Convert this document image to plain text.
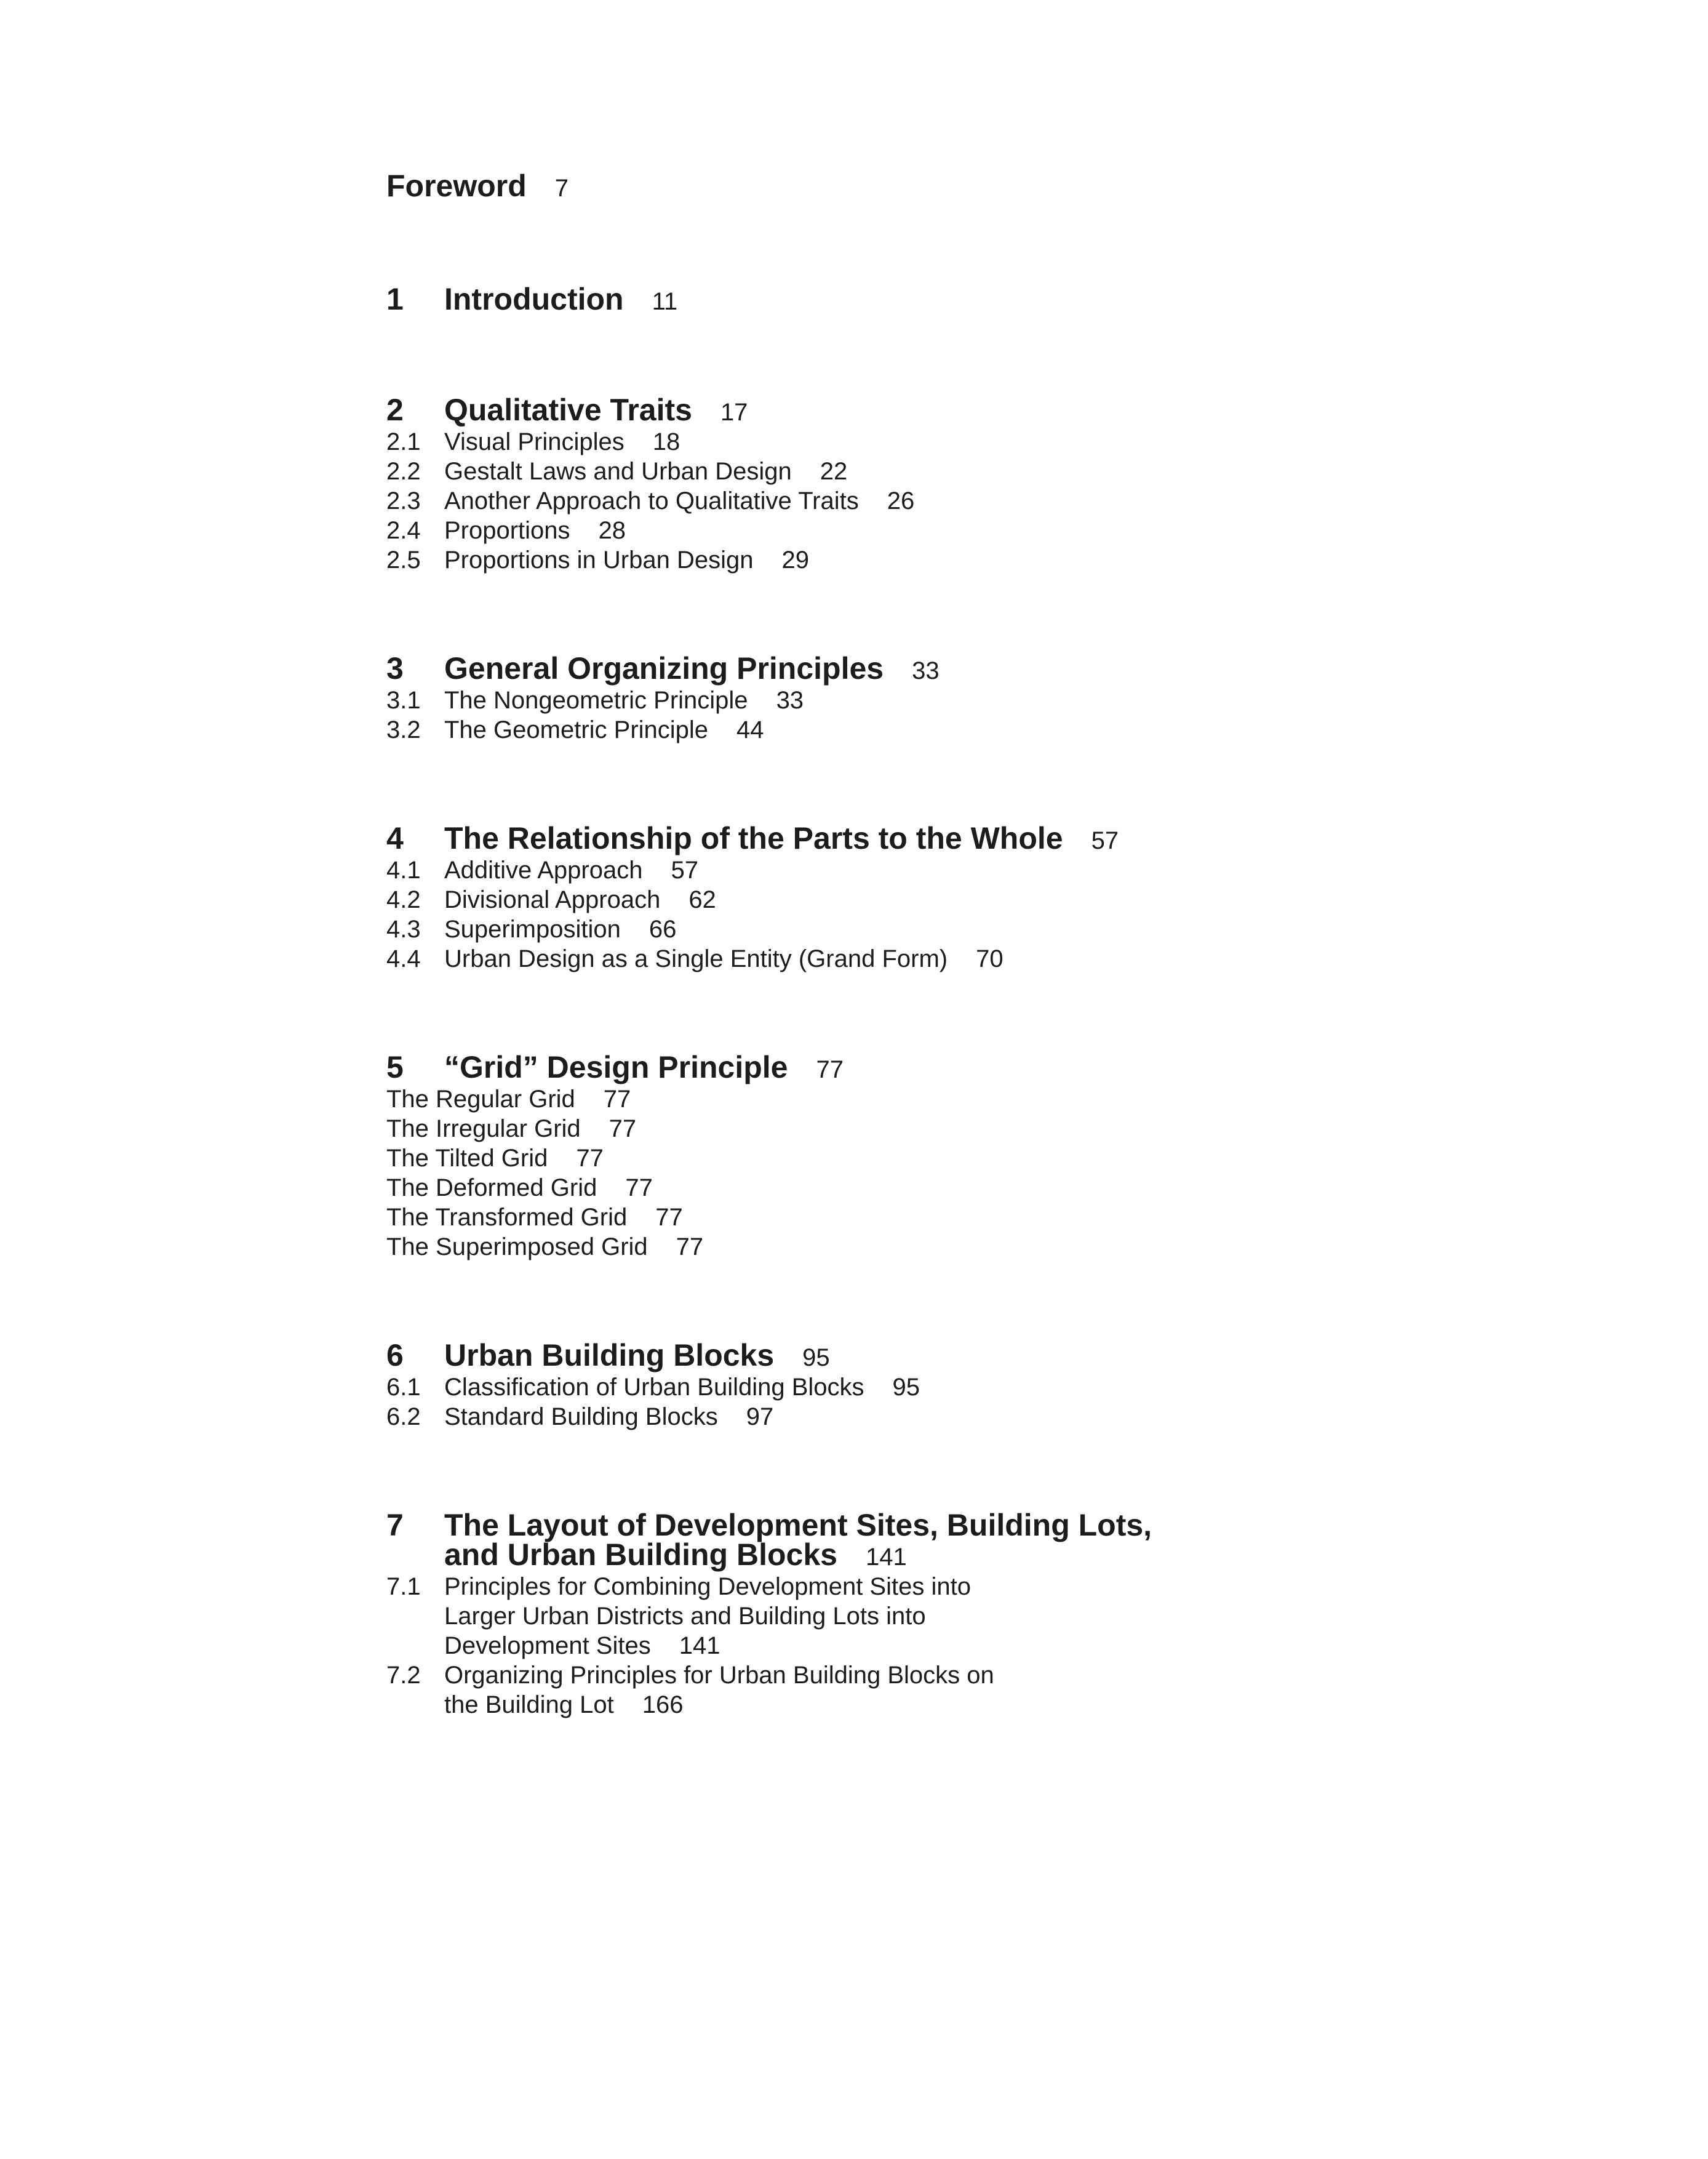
Foreword 7
1	Introduction 11
2	Qualitative Traits 17
2.1 Visual Principles 18
2.2 Gestalt Laws and Urban Design 22
2.3 Another Approach to Qualitative Traits 26
2.4 Proportions 28
2.5 Proportions in Urban Design 29
3	General Organizing Principles 33
3.1 The Nongeometric Principle 33
3.2 The Geometric Principle 44
4	The Relationship of the Parts to the Whole 57
4.1 Additive Approach 57
4.2 Divisional Approach 62
4.3 Superimposition 66
4.4 Urban Design as a Single Entity (Grand Form) 70
5	“Grid” Design Principle 77
The Regular Grid 77
The Irregular Grid 77
The Tilted Grid 77
The Deformed Grid 77
The Transformed Grid 77
The Superimposed Grid 77
6	Urban Building Blocks 95
6.1 Classification of Urban Building Blocks 95
6.2 Standard Building Blocks 97
7	The Layout of Development Sites, Building Lots,
and Urban Building Blocks 141
7.1 Principles for Combining Development Sites into
Larger Urban Districts and Building Lots into
Development Sites 141
7.2 Organizing Principles for Urban Building Blocks on
the Building Lot 166
